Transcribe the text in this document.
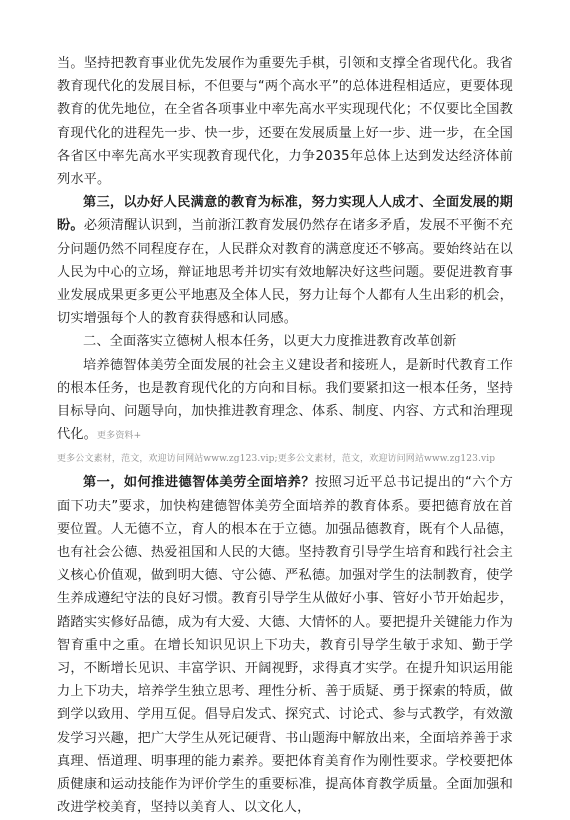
当。坚持把教育事业优先发展作为重要先手棋，引领和支撑全省现代化。我省教育现代化的发展目标，不但要与“两个高水平”的总体进程相适应，更要体现教育的优先地位，在全省各项事业中率先高水平实现现代化；不仅要比全国教育现代化的进程先一步、快一步，还要在发展质量上好一步、进一步，在全国各省区中率先高水平实现教育现代化，力争2035年总体上达到发达经济体前列水平。

第三，以办好人民满意的教育为标准，努力实现人人成才、全面发展的期盼。必须清醒认识到，当前浙江教育发展仍然存在诸多矛盾，发展不平衡不充分问题仍然不同程度存在，人民群众对教育的满意度还不够高。要始终站在以人民为中心的立场，辩证地思考并切实有效地解决好这些问题。要促进教育事业发展成果更多更公平地惠及全体人民，努力让每个人都有人生出彩的机会，切实增强每个人的教育获得感和认同感。

二、全面落实立德树人根本任务，以更大力度推进教育改革创新

培养德智体美劳全面发展的社会主义建设者和接班人，是新时代教育工作的根本任务，也是教育现代化的方向和目标。我们要紧扣这一根本任务，坚持目标导向、问题导向，加快推进教育理念、体系、制度、内容、方式和治理现代化。更多资料+

更多公文素材，范文，欢迎访问网站www.zg123.vip;更多公文素材，范文，欢迎访问网站www.zg123.vip

第一，如何推进德智体美劳全面培养？按照习近平总书记提出的“六个方面下功夫”要求，加快构建德智体美劳全面培养的教育体系。要把德育放在首要位置。人无德不立，育人的根本在于立德。加强品德教育，既有个人品德，也有社会公德、热爱祖国和人民的大德。坚持教育引导学生培育和践行社会主义核心价值观，做到明大德、守公德、严私德。加强对学生的法制教育，使学生养成遵纪守法的良好习惯。教育引导学生从做好小事、管好小节开始起步，踏踏实实修好品德，成为有大爱、大德、大情怀的人。要把提升关键能力作为智育重中之重。在增长知识见识上下功夫，教育引导学生敏于求知、勤于学习，不断增长见识、丰富学识、开阔视野，求得真才实学。在提升知识运用能力上下功夫，培养学生独立思考、理性分析、善于质疑、勇于探索的特质，做到学以致用、学用互促。倡导启发式、探究式、讨论式、参与式教学，有效激发学习兴趣，把广大学生从死记硬背、书山题海中解放出来，全面培养善于求真理、悟道理、明事理的能力素养。要把体育美育作为刚性要求。学校要把体质健康和运动技能作为评价学生的重要标准，提高体育教学质量。全面加强和改进学校美育，坚持以美育人、以文化人，
